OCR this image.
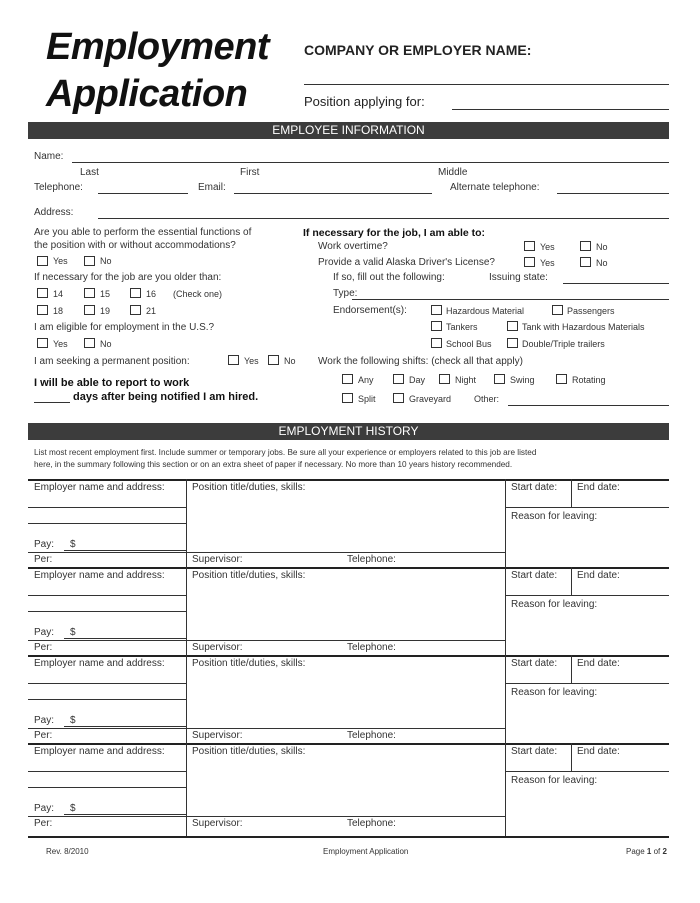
Employment
Application
COMPANY OR EMPLOYER NAME:
Position applying for:
EMPLOYEE INFORMATION
Name:
Last	First	Middle
Telephone:	Email:	Alternate telephone:
Address:
Are you able to perform the essential functions of
the position with or without accommodations?
Yes	No
If necessary for the job are you older than:
14	15	16 (Check one)
18	19	21
I am eligible for employment in the U.S.?
Yes	No
I am seeking a permanent position:	Yes	No
I will be able to report to work
days after being notified I am hired.
If necessary for the job, I am able to:
Work overtime?	Yes	No
Provide a valid Alaska Driver's License?	Yes	No
If so, fill out the following:	Issuing state:
Type:
Endorsement(s):	Hazardous Material	Passengers
Tankers	Tank with Hazardous Materials
School Bus	Double/Triple trailers
Work the following shifts: (check all that apply)
Any	Day	Night	Swing	Rotating
Split	Graveyard	Other:
EMPLOYMENT HISTORY
List most recent employment first. Include summer or temporary jobs. Be sure all your experience or employers related to this job are listed
here, in the summary following this section or on an extra sheet of paper if necessary. No more than 10 years history recommended.
Employer name and address:	Position title/duties, skills:	Start date: End date:
Reason for leaving:
Pay: $
Per:	Supervisor:	Telephone:
Employer name and address:	Position title/duties, skills:	Start date: End date:
Reason for leaving:
Pay: $
Per:	Supervisor:	Telephone:
Employer name and address:	Position title/duties, skills:	Start date: End date:
Reason for leaving:
Pay: $
Per:	Supervisor:	Telephone:
Employer name and address:	Position title/duties, skills:	Start date: End date:
Reason for leaving:
Pay: $
Per:	Supervisor:	Telephone:
Rev. 8/2010	Employment Application	Page 1 of 2
